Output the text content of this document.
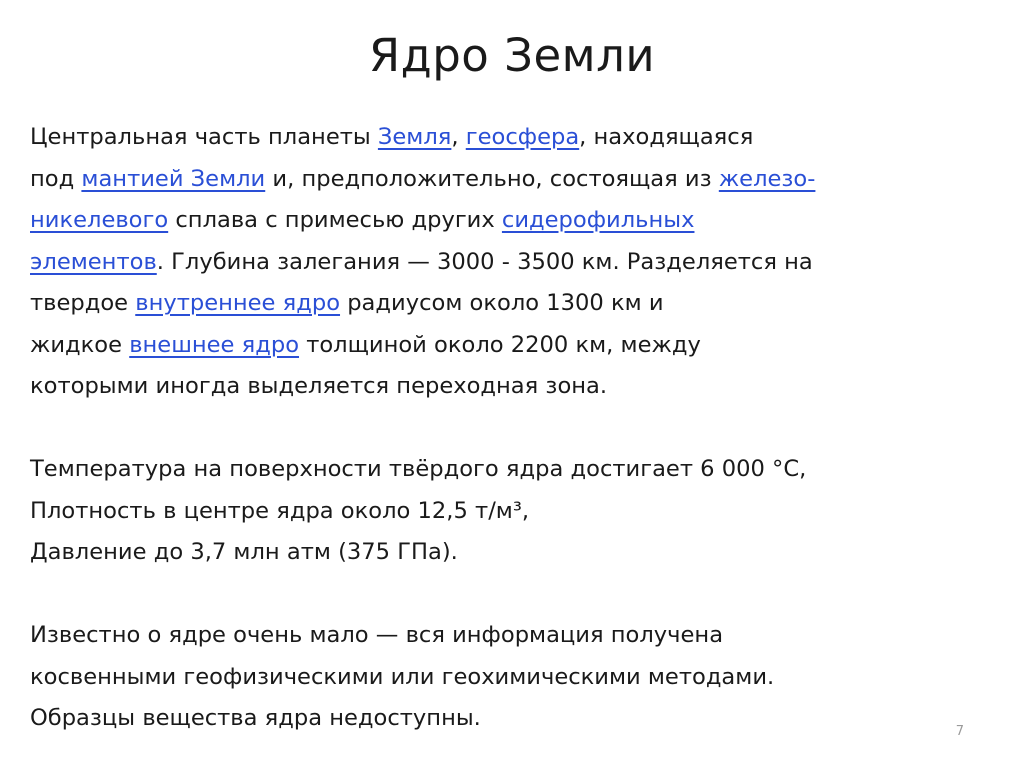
Ядро Земли
Центральная часть планеты Земля, геосфера, находящаяся
под мантией Земли и, предположительно, состоящая из железо-
никелевого сплава с примесью других сидерофильных
элементов. Глубина залегания — 3000 - 3500 км. Разделяется на
твердое внутреннее ядро радиусом около 1300 км и
жидкое внешнее ядро толщиной около 2200 км, между
которыми иногда выделяется переходная зона.
Температура на поверхности твёрдого ядра достигает 6 000 °C,
Плотность в центре ядра около 12,5 т/м³,
Давление до 3,7 млн атм (375 ГПа).
Известно о ядре очень мало — вся информация получена
косвенными геофизическими или геохимическими методами.
Образцы вещества ядра недоступны.
7
